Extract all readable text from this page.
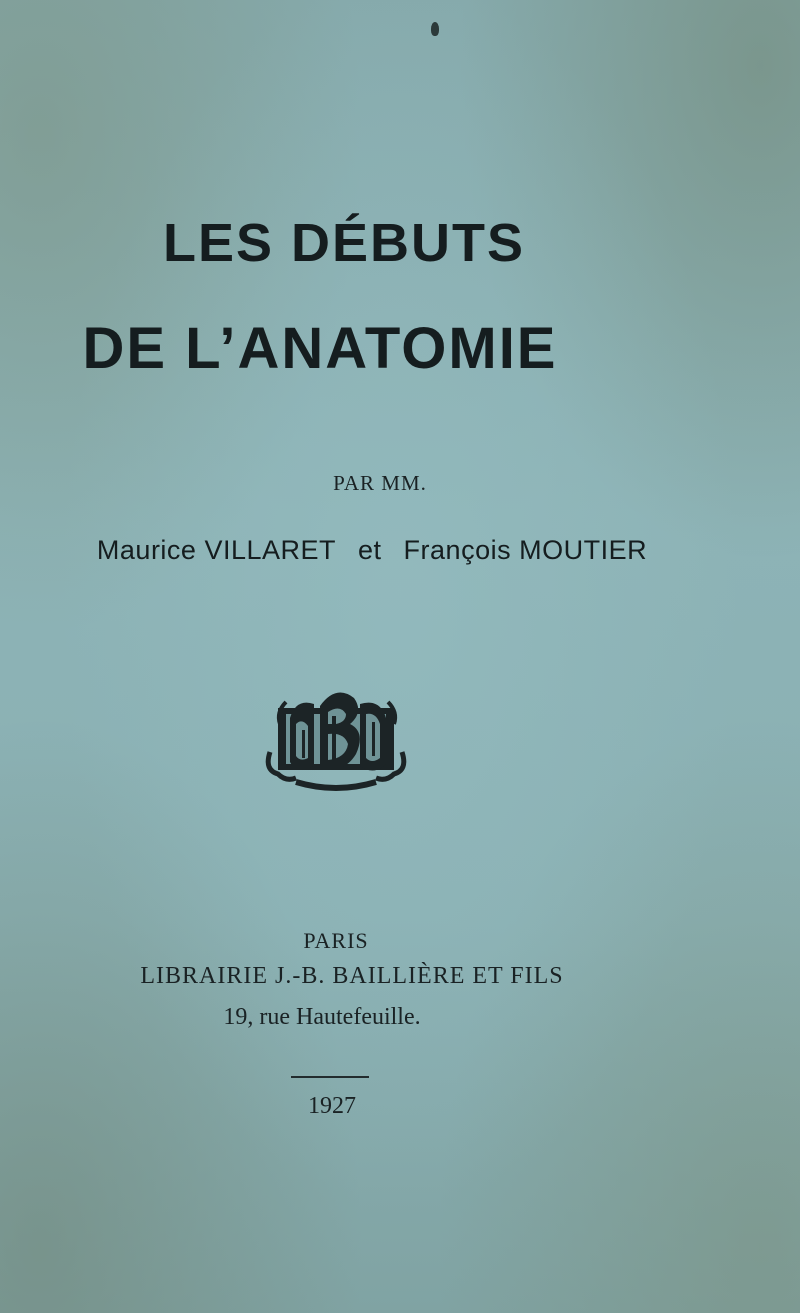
LES DÉBUTS
DE L’ANATOMIE
PAR MM.
Maurice VILLARET et François MOUTIER
PARIS
LIBRAIRIE J.-B. BAILLIÈRE ET FILS
19, rue Hautefeuille.
1927
